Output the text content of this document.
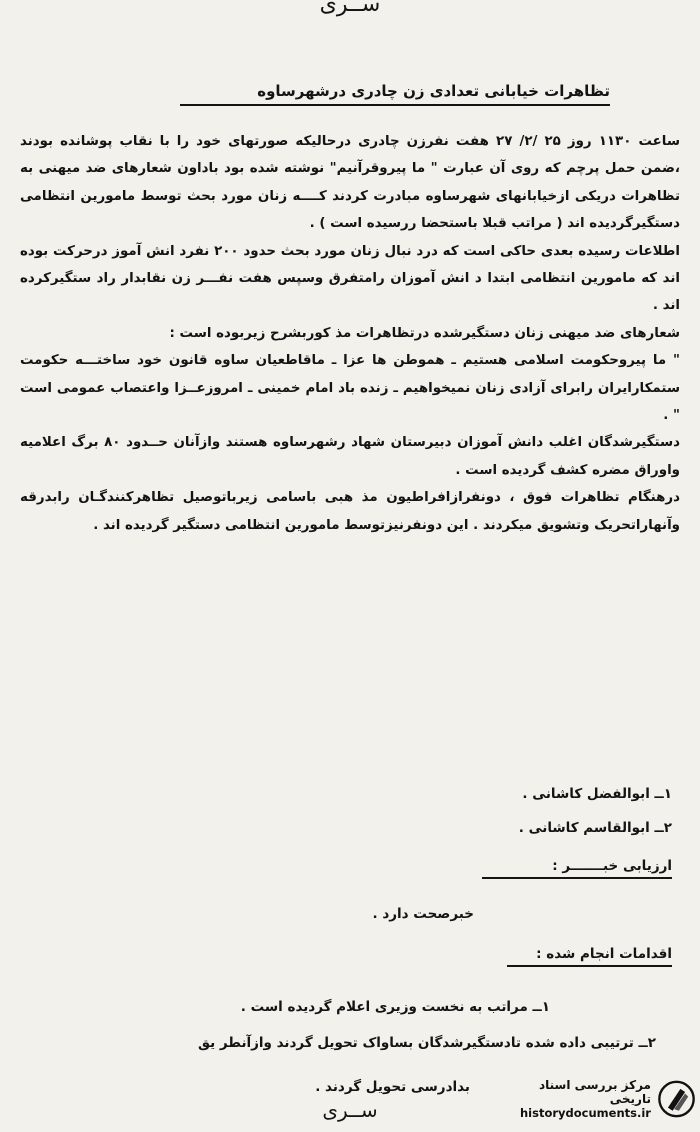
ســرى
تظاهرات خیابانی تعدادی زن چادری درشهرساوه

ساعت ۱۱۳۰ روز ۲۵ /۲/ ۲۷ هفت نفرزن چادری درحالیکه صورتهای خود را با نقاب پوشانده بودند ،ضمن حمل پرچم که روی آن عبارت " ما پیروقرآنیم" نوشته شده بود باداون شعارهای ضد میهنی به تظاهرات دریکی ازخیابانهای شهرساوه مبادرت کردند کــــه زنان مورد بحث توسط مامورین انتظامی دستگیرگردیده اند ( مراتب قبلا باستحضا ررسیده است ) .

اطلاعات رسیده بعدی حاکی است که درد نبال زنان مورد بحث حدود ۲۰۰ نفرد انش آموز درحرکت بوده اند که مامورین انتظامی ابتدا د انش آموزان رامتفرق وسپس هفت نفـــر زن نقابدار راد ستگیرکرده اند .

شعارهای ضد میهنی زنان دستگیرشده درتظاهرات مذ کوربشرح زیربوده است :

" ما پیروحکومت اسلامی هستیم ـ هموطن ها عزا ـ ماقاطعیان ساوه قانون خود ساختـــه حکومت ستمکارایران رابرای آزادی زنان نمیخواهیم ـ زنده باد امام خمینی ـ امروزعــزا واعتصاب عمومی است " .

دستگیرشدگان اغلب دانش آموزان دبیرستان شهاد رشهرساوه هستند وازآنان حــدود ۸۰ برگ اعلامیه واوراق مضره کشف گردیده است .

درهنگام تظاهرات فوق ، دونفرازافراطیون مذ هبی باسامی زیرباتوصیل تظاهرکنندگـان رابدرقه وآنهاراتحریک وتشویق میکردند . این دونفرنیزتوسط مامورین انتظامی دستگیر گردیده اند .

۱ــ ابوالفضل کاشانی .
۲ــ ابوالقاسم کاشانی .
ارزیابی خبـــــــر :
خبرصحت دارد .
اقدامات انجام شده :
۱ــ مراتب به نخست وزیری اعلام گردیده است .
۲ــ ترتیبی داده شده تادستگیرشدگان بساواک تحویل گردند وازآنطر یق
بدادرسی تحویل گردند .
ســرى
مرکز بررسی اسناد تاریخی
historydocuments.ir
